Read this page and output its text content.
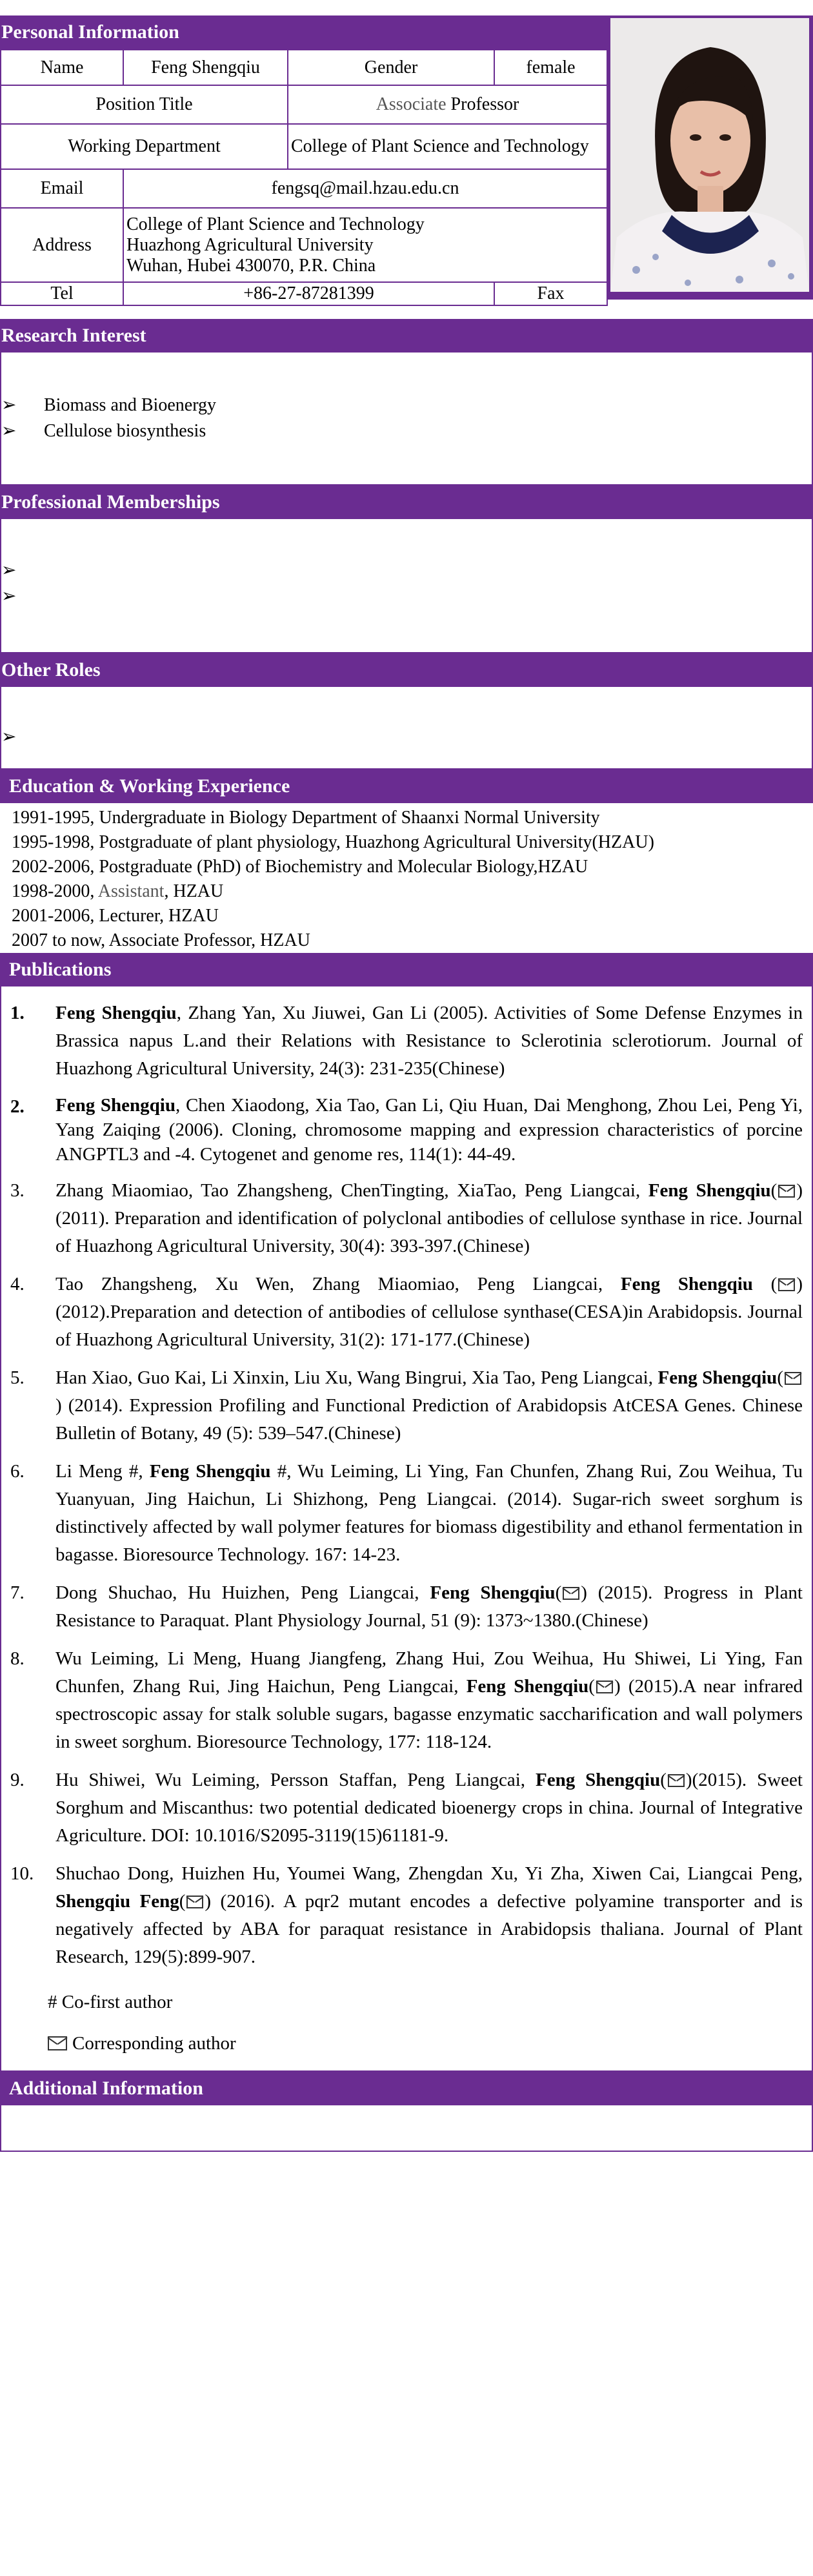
Personal Information
Name	Feng Shengqiu	Gender	female
Position Title		Associate Professor	
Working Department		College of Plant Science and Technology	
Email	fengsq@mail.hzau.edu.cn		
Address	College of Plant Science and Technology
Huazhong Agricultural University
Wuhan, Hubei 430070, P.R. China		

Tel	+86-27-87281399		Fax
Research Interest
➢	Biomass and Bioenergy
➢	Cellulose biosynthesis
Professional Memberships
➢
➢
Other Roles
➢
Education & Working Experience
1991-1995, Undergraduate in Biology Department of Shaanxi Normal University
1995-1998, Postgraduate of plant physiology, Huazhong Agricultural University(HZAU)
2002-2006, Postgraduate (PhD) of Biochemistry and Molecular Biology,HZAU
1998-2000, Assistant, HZAU
2001-2006, Lecturer, HZAU
2007 to now, Associate Professor, HZAU
Publications
1.	Feng Shengqiu, Zhang Yan, Xu Jiuwei, Gan Li (2005). Activities of Some Defense Enzymes in Brassica napus L.and their Relations with Resistance to Sclerotinia sclerotiorum. Journal of Huazhong Agricultural University, 24(3): 231-235(Chinese)
2.	Feng Shengqiu, Chen Xiaodong, Xia Tao, Gan Li, Qiu Huan, Dai Menghong, Zhou Lei, Peng Yi, Yang Zaiqing (2006). Cloning, chromosome mapping and expression characteristics of porcine ANGPTL3 and -4. Cytogenet and genome res, 114(1): 44-49.
3.	Zhang Miaomiao, Tao Zhangsheng, ChenTingting, XiaTao, Peng Liangcai, Feng Shengqiu( ) (2011). Preparation and identification of polyclonal antibodies of cellulose synthase in rice. Journal of Huazhong Agricultural University, 30(4): 393-397.(Chinese)
4.	Tao Zhangsheng, Xu Wen, Zhang Miaomiao, Peng Liangcai, Feng Shengqiu ( ) (2012).Preparation and detection of antibodies of cellulose synthase(CESA)in Arabidopsis. Journal of Huazhong Agricultural University, 31(2): 171-177.(Chinese)
5.	Han Xiao, Guo Kai, Li Xinxin, Liu Xu, Wang Bingrui, Xia Tao, Peng Liangcai, Feng Shengqiu() (2014). Expression Profiling and Functional Prediction of Arabidopsis AtCESA Genes. Chinese Bulletin of Botany, 49 (5): 539–547.(Chinese)
6.	Li Meng #, Feng Shengqiu #, Wu Leiming, Li Ying, Fan Chunfen, Zhang Rui, Zou Weihua, Tu Yuanyuan, Jing Haichun, Li Shizhong, Peng Liangcai. (2014). Sugar-rich sweet sorghum is distinctively affected by wall polymer features for biomass digestibility and ethanol fermentation in bagasse. Bioresource Technology. 167: 14-23.
7.	Dong Shuchao, Hu Huizhen, Peng Liangcai, Feng Shengqiu( ) (2015). Progress in Plant Resistance to Paraquat. Plant Physiology Journal, 51 (9): 1373~1380.(Chinese)
8.	Wu Leiming, Li Meng, Huang Jiangfeng, Zhang Hui, Zou Weihua, Hu Shiwei, Li Ying, Fan Chunfen, Zhang Rui, Jing Haichun, Peng Liangcai, Feng Shengqiu( ) (2015).A near infrared spectroscopic assay for stalk soluble sugars, bagasse enzymatic saccharification and wall polymers in sweet sorghum. Bioresource Technology, 177: 118-124.
9.	Hu Shiwei, Wu Leiming, Persson Staffan, Peng Liangcai, Feng Shengqiu( )(2015). Sweet Sorghum and Miscanthus: two potential dedicated bioenergy crops in china. Journal of Integrative Agriculture. DOI: 10.1016/S2095-3119(15)61181-9.
10.	Shuchao Dong, Huizhen Hu, Youmei Wang, Zhengdan Xu, Yi Zha, Xiwen Cai, Liangcai Peng, Shengqiu Feng( ) (2016). A pqr2 mutant encodes a defective polyamine transporter and is negatively affected by ABA for paraquat resistance in Arabidopsis thaliana. Journal of Plant Research, 129(5):899-907.
# Co-first author
Corresponding author
Additional Information
